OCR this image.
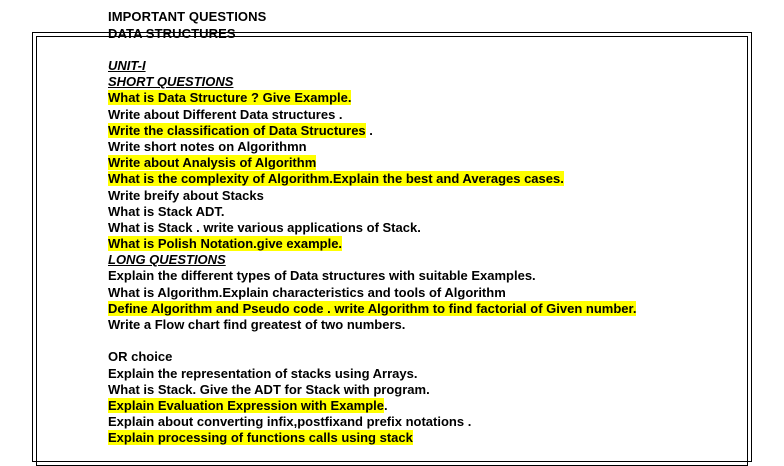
IMPORTANT QUESTIONS

DATA STRUCTURES

UNIT-I
SHORT QUESTIONS
What is Data Structure ? Give Example.
Write about Different Data structures .
Write the classification of Data Structures .
Write short notes on Algorithmn
Write about Analysis of Algorithm
What is the complexity of Algorithm.Explain the best and Averages cases.
Write breify about Stacks
What is Stack ADT.
What is Stack . write various applications of Stack.
What is Polish Notation.give example.
LONG QUESTIONS
Explain the different types of Data structures with suitable Examples.
What is Algorithm.Explain characteristics and tools of Algorithm
Define Algorithm and Pseudo code . write Algorithm to find factorial of Given number.
Write a Flow chart find greatest of two numbers.
OR choice
Explain the representation of stacks using Arrays.
What is Stack. Give the ADT for Stack with program.
Explain Evaluation Expression with Example.
Explain about converting infix,postfixand prefix notations .
Explain processing of functions calls using stack
